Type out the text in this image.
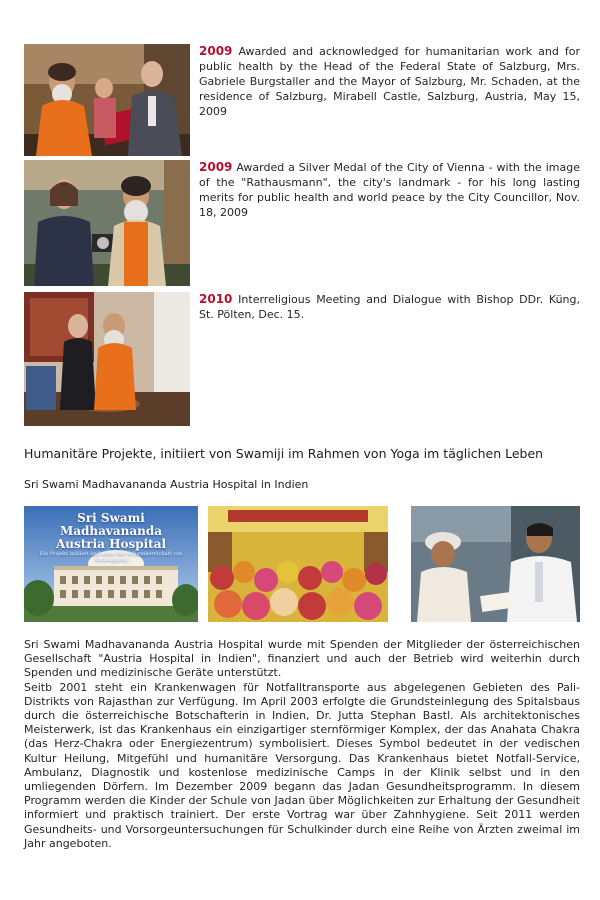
2009 Awarded and acknowledged for humanitarian work and for public health by the Head of the Federal State of Salzburg, Mrs. Gabriele Burgstaller and the Mayor of Salzburg, Mr. Schaden, at the residence of Salzburg, Mirabell Castle, Salzburg, Austria, May 15, 2009

2009 Awarded a Silver Medal of the City of Vienna - with the image of the "Rathausmann", the city's landmark - for his long lasting merits for public health and world peace by the City Councillor, Nov. 18, 2009

2010 Interreligious Meeting and Dialogue with Bishop DDr. Küng, St. Pölten, Dec. 15.

Humanitäre Projekte, initiiert von Swamiji im Rahmen von Yoga im täglichen Leben
Sri Swami Madhavananda Austria Hospital in Indien
Sri Swami Madhavananda
Austria Hospital
Ein Projekt initiiert und unter der Schirmherrschaft von Vishwaguruji

Sri Swami Madhavananda Austria Hospital wurde mit Spenden der Mitglieder der österreichischen Gesellschaft "Austria Hospital in Indien", finanziert und auch der Betrieb wird weiterhin durch Spenden und medizinische Geräte unterstützt.

Seitb 2001 steht ein Krankenwagen für Notfalltransporte aus abgelegenen Gebieten des Pali-Distrikts von Rajasthan zur Verfügung. Im April 2003 erfolgte die Grundsteinlegung des Spitalsbaus durch die österreichische Botschafterin in Indien, Dr. Jutta Stephan Bastl. Als architektonisches Meisterwerk, ist das Krankenhaus ein einzigartiger sternförmiger Komplex, der das Anahata Chakra (das Herz-Chakra oder Energiezentrum) symbolisiert. Dieses Symbol bedeutet in der vedischen Kultur Heilung, Mitgefühl und humanitäre Versorgung. Das Krankenhaus bietet Notfall-Service, Ambulanz, Diagnostik und kostenlose medizinische Camps in der Klinik selbst und in den umliegenden Dörfern. Im Dezember 2009 begann das Jadan Gesundheitsprogramm. In diesem Programm werden die Kinder der Schule von Jadan über Möglichkeiten zur Erhaltung der Gesundheit informiert und praktisch trainiert. Der erste Vortrag war über Zahnhygiene. Seit 2011 werden Gesundheits- und Vorsorgeuntersuchungen für Schulkinder durch eine Reihe von Ärzten zweimal im Jahr angeboten.
